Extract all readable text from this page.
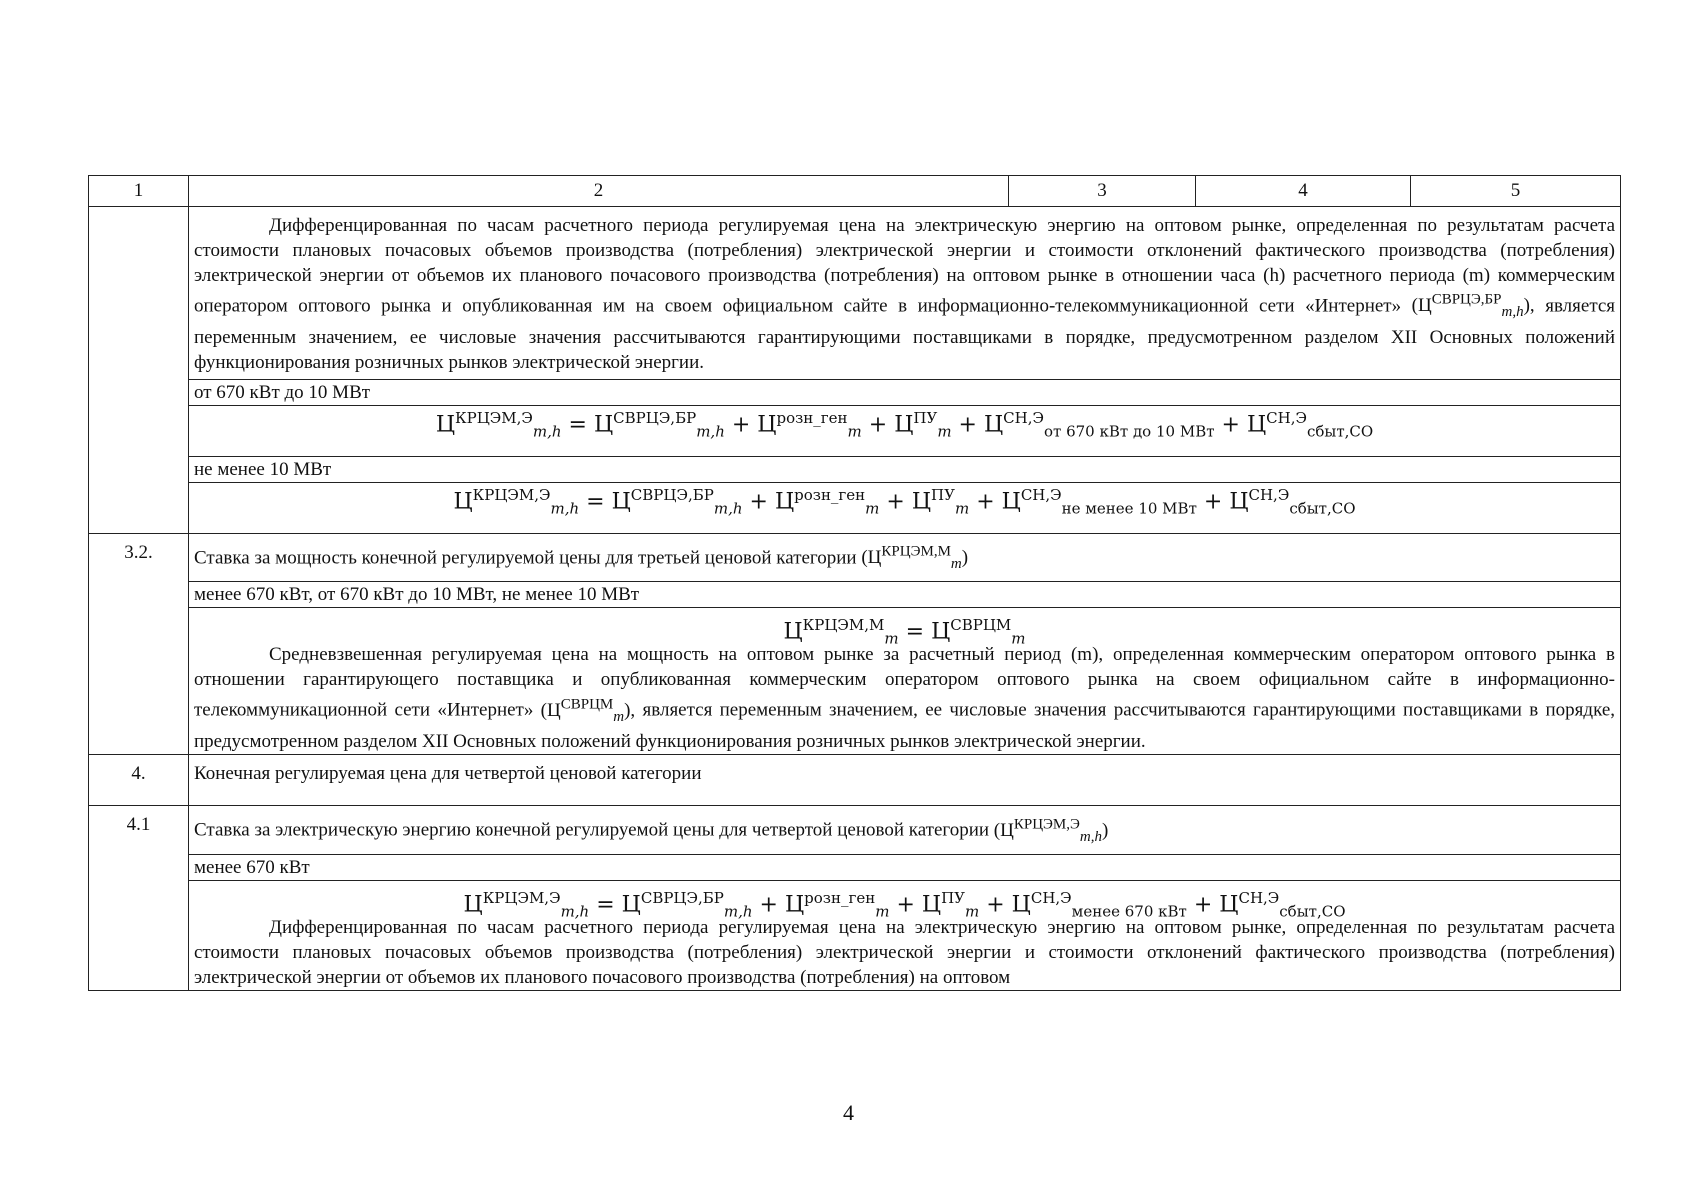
1	2	3	4	5

	Дифференцированная по часам расчетного периода регулируемая цена на электрическую энергию на оптовом рынке, определенная по результатам расчета стоимости плановых почасовых объемов производства (потребления) электрической энергии и стоимости отклонений фактического производства (потребления) электрической энергии от объемов их планового почасового производства (потребления) на оптовом рынке в отношении часа (h) расчетного периода (m) коммерческим оператором оптового рынка и опубликованная им на своем официальном сайте в информационно-телекоммуникационной сети «Интернет» $(Ц^{СВРЦЭ,БР}_{m,h})$, является переменным значением, ее числовые значения рассчитываются гарантирующими поставщиками в порядке, предусмотренном разделом XII Основных положений функционирования розничных рынков электрической энергии.			

	от 670 кВт до 10 МВт			
	$Ц^{КРЦЭМ,Э}_{m,h} = Ц^{СВРЦЭ,БР}_{m,h} + Ц^{розн\_ген}_m + Ц^{ПУ}_m + Ц^{СН,Э}_{от 670 кВт до 10 МВт} + Ц^{СН,Э}_{сбыт,СО}$
	не менее 10 МВт			
	$Ц^{КРЦЭМ,Э}_{m,h} = Ц^{СВРЦЭ,БР}_{m,h} + Ц^{розн\_ген}_m + Ц^{ПУ}_m + Ц^{СН,Э}_{не менее 10 МВт} + Ц^{СН,Э}_{сбыт,СО}$
3.2.	Ставка за мощность конечной регулируемой цены для третьей ценовой категории $(Ц^{КРЦЭМ,М}_m)$			
	менее 670 кВт, от 670 кВт до 10 МВт, не менее 10 МВт			

	$Ц^{КРЦЭМ,М}_m = Ц^{СВРЦМ}_m$

Средневзвешенная регулируемая цена на мощность на оптовом рынке за расчетный период (m), определенная коммерческим оператором оптового рынка в отношении гарантирующего поставщика и опубликованная коммерческим оператором оптового рынка на своем официальном сайте в информационно-телекоммуникационной сети «Интернет» $(Ц^{СВРЦМ}_m)$, является переменным значением, ее числовые значения рассчитываются гарантирующими поставщиками в порядке, предусмотренном разделом XII Основных положений функционирования розничных рынков электрической энергии.			

4.	Конечная регулируемая цена для четвертой ценовой категории			
4.1	Ставка за электрическую энергию конечной регулируемой цены для четвертой ценовой категории $(Ц^{КРЦЭМ,Э}_{m,h})$			
	менее 670 кВт			

	$Ц^{КРЦЭМ,Э}_{m,h} = Ц^{СВРЦЭ,БР}_{m,h} + Ц^{розн\_ген}_m + Ц^{ПУ}_m + Ц^{СН,Э}_{менее 670 кВт} + Ц^{СН,Э}_{сбыт,СО}$

Дифференцированная по часам расчетного периода регулируемая цена на электрическую энергию на оптовом рынке, определенная по результатам расчета стоимости плановых почасовых объемов производства (потребления) электрической энергии и стоимости отклонений фактического производства (потребления) электрической энергии от объемов их планового почасового производства (потребления) на оптовом			

4
